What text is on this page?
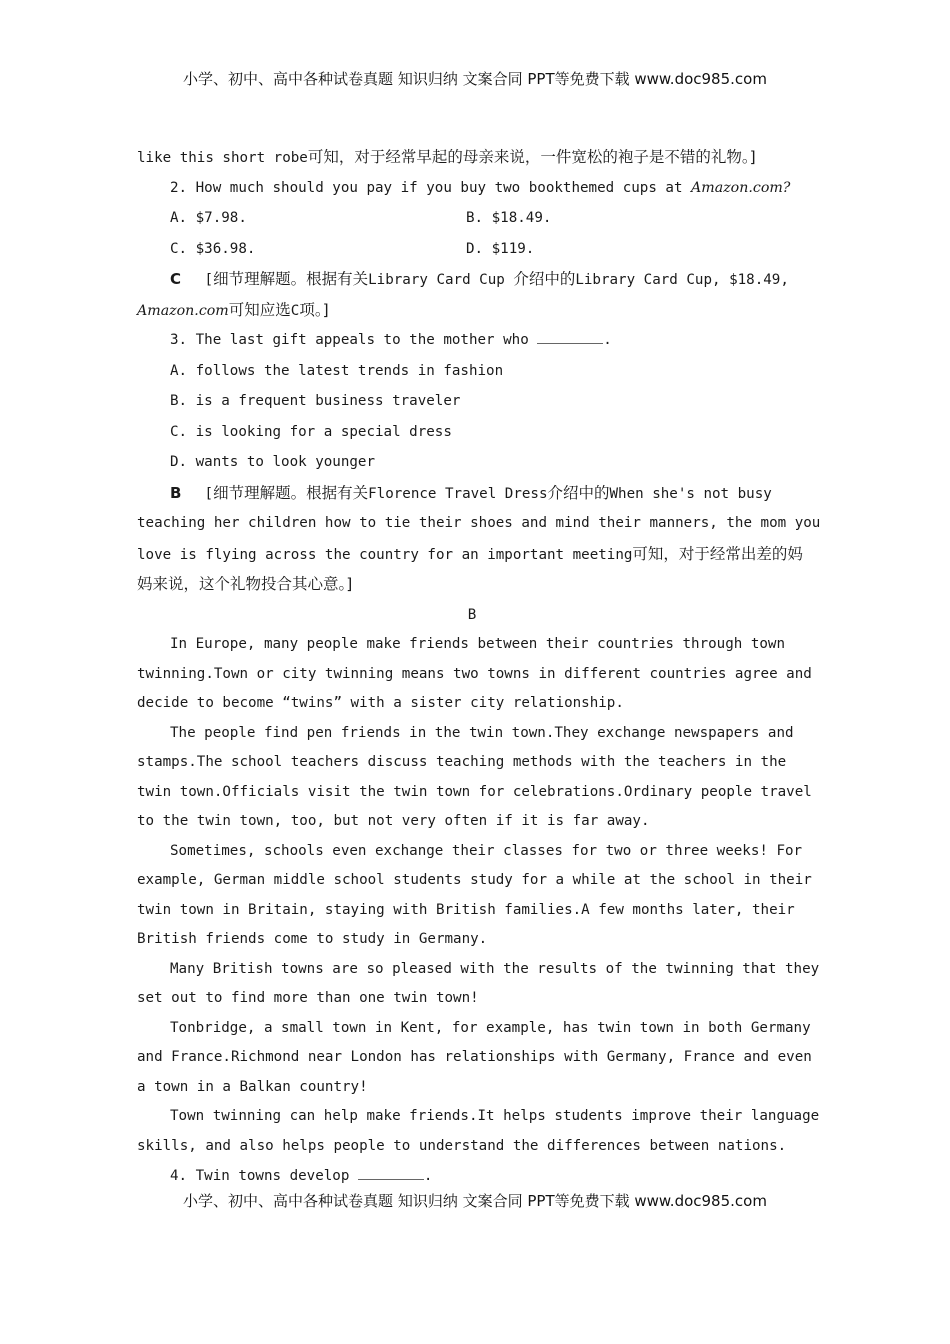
小学、初中、高中各种试卷真题 知识归纳 文案合同 PPT等免费下载 www.doc985.com
like this short robe可知，对于经常早起的母亲来说，一件宽松的袍子是不错的礼物。]
2. How much should you pay if you buy two bookthemed cups at Amazon.com?
A. $7.98.	B. $18.49.
C. $36.98.	D. $119.
C [细节理解题。根据有关Library Card Cup 介绍中的Library Card Cup, $18.49,
Amazon.com可知应选C项。]
3. The last gift appeals to the mother who	.
A. follows the latest trends in fashion
B. is a frequent business traveler
C. is looking for a special dress
D. wants to look younger
B [细节理解题。根据有关Florence Travel Dress介绍中的When she's not busy
teaching her children how to tie their shoes and mind their manners, the mom you
love is flying across the country for an important meeting可知，对于经常出差的妈
妈来说，这个礼物投合其心意。]
B
In Europe, many people make friends between their countries through town
twinning.Town or city twinning means two towns in different countries agree and
decide to become “twins” with a sister city relationship.
The people find pen friends in the twin town.They exchange newspapers and
stamps.The school teachers discuss teaching methods with the teachers in the
twin town.Officials visit the twin town for celebrations.Ordinary people travel
to the twin town, too, but not very often if it is far away.
Sometimes, schools even exchange their classes for two or three weeks! For
example, German middle school students study for a while at the school in their
twin town in Britain, staying with British families.A few months later, their
British friends come to study in Germany.
Many British towns are so pleased with the results of the twinning that they
set out to find more than one twin town!
Tonbridge, a small town in Kent, for example, has twin town in both Germany
and France.Richmond near London has relationships with Germany, France and even
a town in a Balkan country!
Town twinning can help make friends.It helps students improve their language
skills, and also helps people to understand the differences between nations.
4. Twin towns develop	.
小学、初中、高中各种试卷真题 知识归纳 文案合同 PPT等免费下载 www.doc985.com
